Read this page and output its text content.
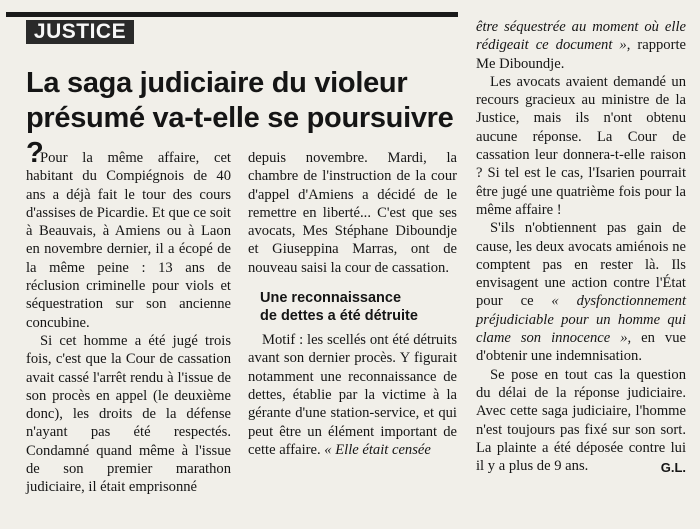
JUSTICE
La saga judiciaire du violeur présumé va-t-elle se poursuivre ?

Pour la même affaire, cet habitant du Compiégnois de 40 ans a déjà fait le tour des cours d'assises de Picardie. Et que ce soit à Beauvais, à Amiens ou à Laon en novembre dernier, il a écopé de la même peine : 13 ans de réclusion criminelle pour viols et séquestration sur son ancienne concubine.

Si cet homme a été jugé trois fois, c'est que la Cour de cassation avait cassé l'arrêt rendu à l'issue de son procès en appel (le deuxième donc), les droits de la défense n'ayant pas été respectés. Condamné quand même à l'issue de son premier marathon judiciaire, il était emprisonné

depuis novembre. Mardi, la chambre de l'instruction de la cour d'appel d'Amiens a décidé de le remettre en liberté... C'est que ses avocats, Mes Stéphane Diboundje et Giuseppina Marras, ont de nouveau saisi la cour de cassation.

Une reconnaissance
de dettes a été détruite

Motif : les scellés ont été détruits avant son dernier procès. Y figurait notamment une reconnaissance de dettes, établie par la victime à la gérante d'une station-service, et qui peut être un élément important de cette affaire. « Elle était censée

être séquestrée au moment où elle rédigeait ce document », rapporte Me Diboundje.

Les avocats avaient demandé un recours gracieux au ministre de la Justice, mais ils n'ont obtenu aucune réponse. La Cour de cassation leur donnera-t-elle raison ? Si tel est le cas, l'Isarien pourrait être jugé une quatrième fois pour la même affaire !

S'ils n'obtiennent pas gain de cause, les deux avocats amiénois ne comptent pas en rester là. Ils envisagent une action contre l'État pour ce « dysfonctionnement préjudiciable pour un homme qui clame son innocence », en vue d'obtenir une indemnisation.

Se pose en tout cas la question du délai de la réponse judiciaire. Avec cette saga judiciaire, l'homme n'est toujours pas fixé sur son sort. La plainte a été déposée contre lui il y a plus de 9 ans.	G.L.
